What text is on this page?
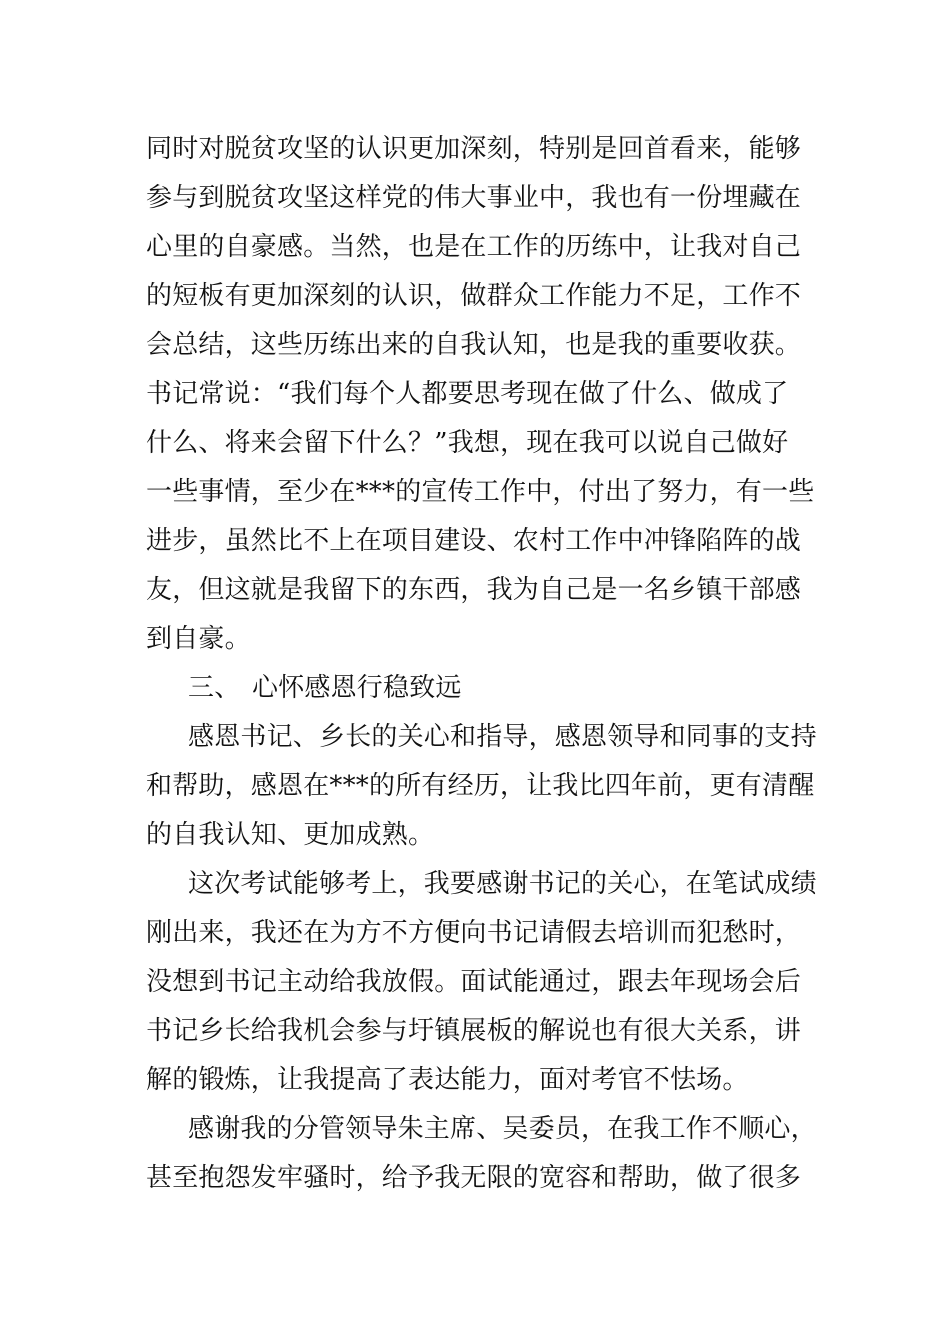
同时对脱贫攻坚的认识更加深刻，特别是回首看来，能够
参与到脱贫攻坚这样党的伟大事业中，我也有一份埋藏在
心里的自豪感。当然，也是在工作的历练中，让我对自己
的短板有更加深刻的认识，做群众工作能力不足，工作不
会总结，这些历练出来的自我认知，也是我的重要收获。
书记常说：“我们每个人都要思考现在做了什么、做成了
什么、将来会留下什么？”我想，现在我可以说自己做好
一些事情，至少在***的宣传工作中，付出了努力，有一些
进步，虽然比不上在项目建设、农村工作中冲锋陷阵的战
友，但这就是我留下的东西，我为自己是一名乡镇干部感
到自豪。
三、 心怀感恩行稳致远
感恩书记、乡长的关心和指导，感恩领导和同事的支持
和帮助，感恩在***的所有经历，让我比四年前，更有清醒
的自我认知、更加成熟。
这次考试能够考上，我要感谢书记的关心，在笔试成绩
刚出来，我还在为方不方便向书记请假去培训而犯愁时，
没想到书记主动给我放假。面试能通过，跟去年现场会后
书记乡长给我机会参与圩镇展板的解说也有很大关系，讲
解的锻炼，让我提高了表达能力，面对考官不怯场。
感谢我的分管领导朱主席、吴委员，在我工作不顺心，
甚至抱怨发牢骚时，给予我无限的宽容和帮助，做了很多
